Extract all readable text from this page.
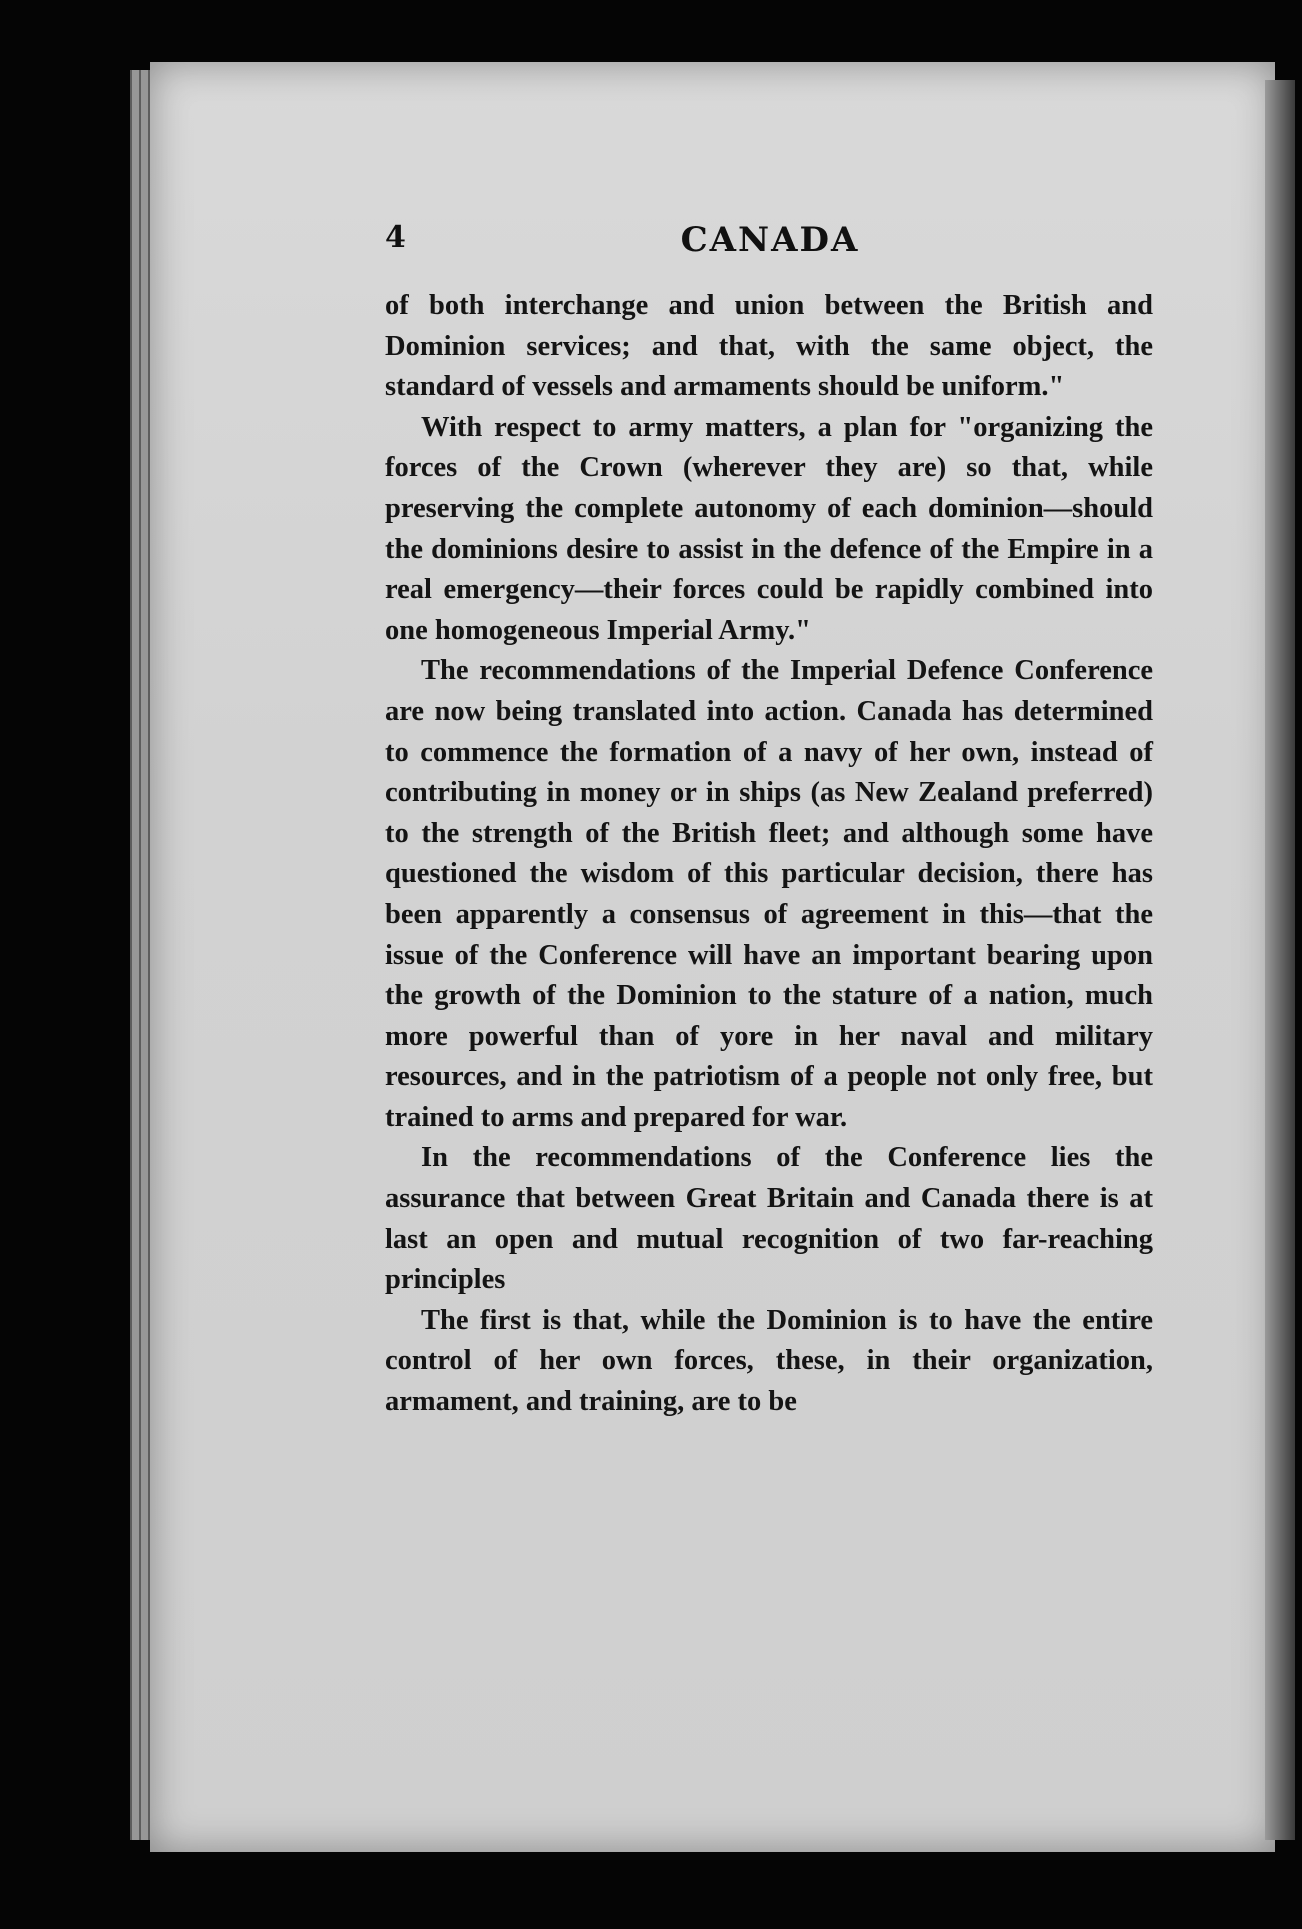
4	CANADA

of both interchange and union between the British and Dominion services; and that, with the same object, the standard of vessels and armaments should be uniform."

With respect to army matters, a plan for "organizing the forces of the Crown (wherever they are) so that, while preserving the complete autonomy of each dominion—should the dominions desire to assist in the defence of the Empire in a real emergency—their forces could be rapidly combined into one homogeneous Imperial Army."

The recommendations of the Imperial Defence Conference are now being translated into action. Canada has determined to commence the formation of a navy of her own, instead of contributing in money or in ships (as New Zealand preferred) to the strength of the British fleet; and although some have questioned the wisdom of this particular decision, there has been apparently a consensus of agreement in this—that the issue of the Conference will have an important bearing upon the growth of the Dominion to the stature of a nation, much more powerful than of yore in her naval and military resources, and in the patriotism of a people not only free, but trained to arms and prepared for war.

In the recommendations of the Conference lies the assurance that between Great Britain and Canada there is at last an open and mutual recognition of two far-reaching principles

The first is that, while the Dominion is to have the entire control of her own forces, these, in their organization, armament, and training, are to be
